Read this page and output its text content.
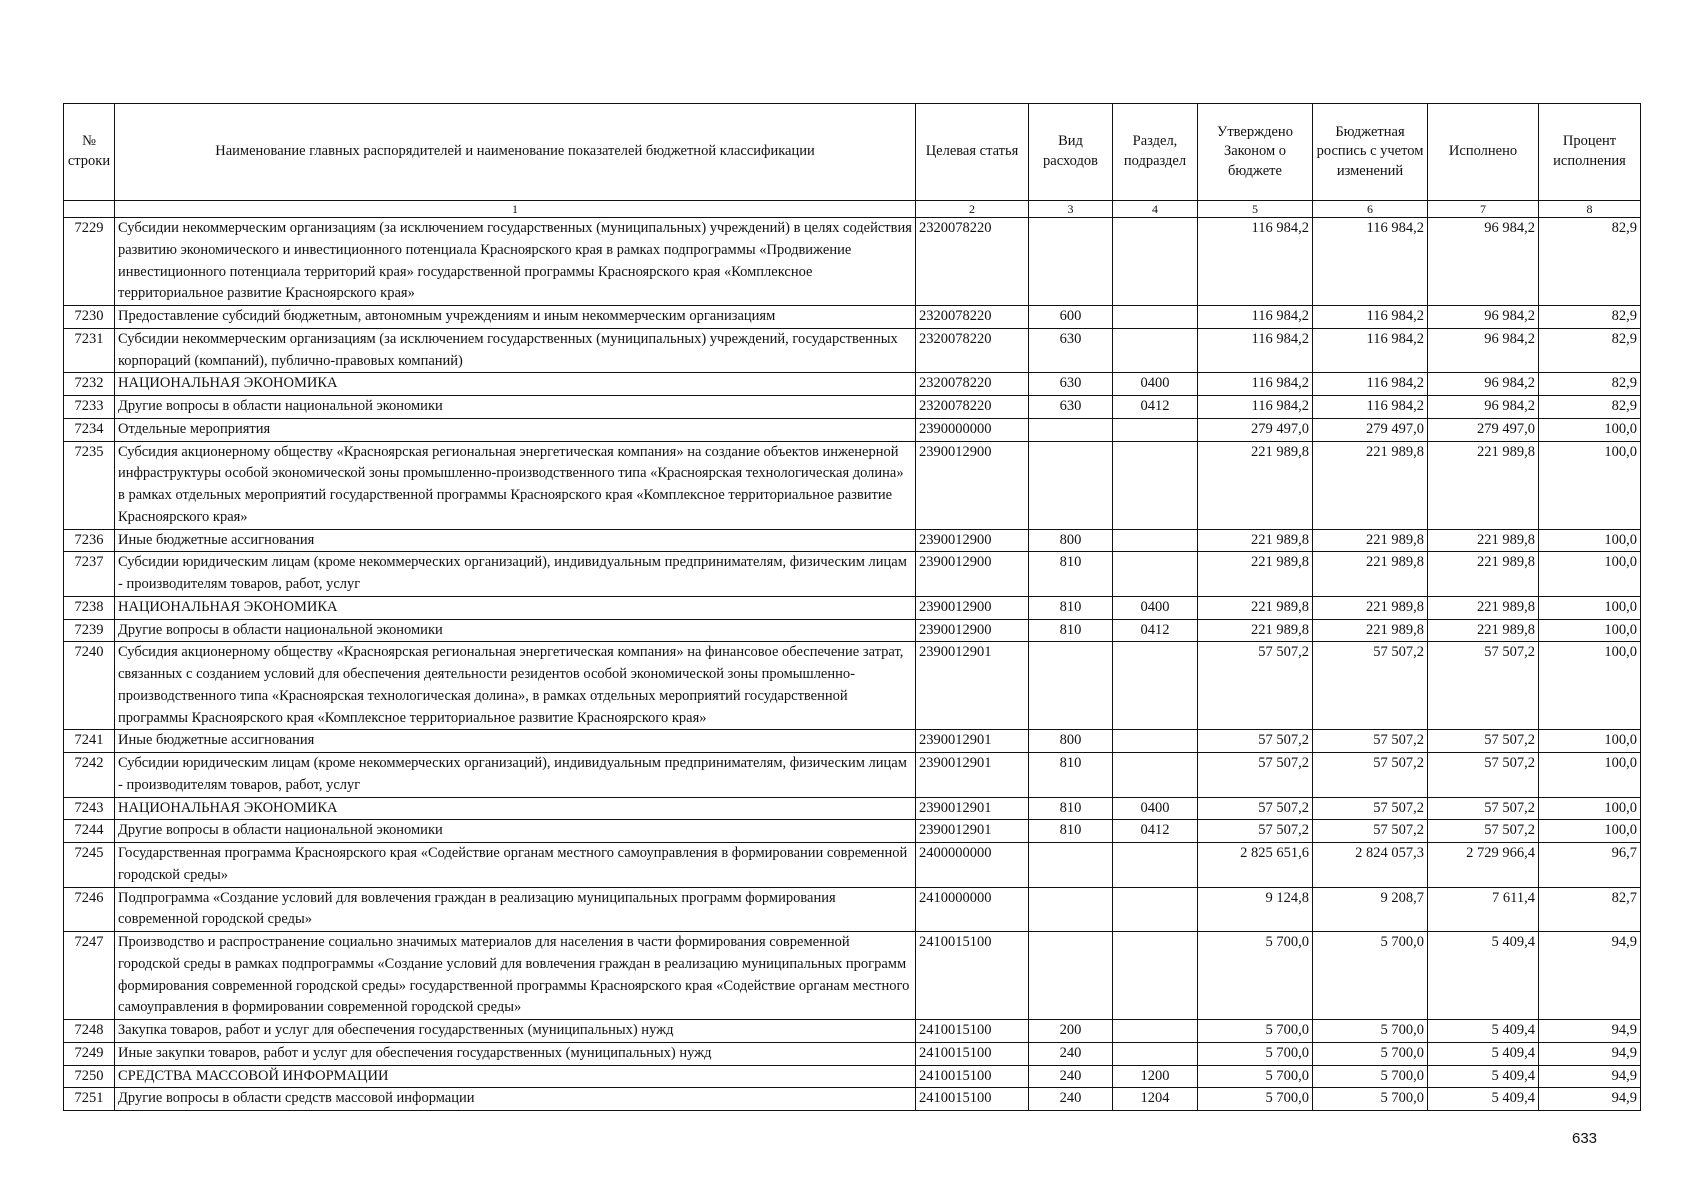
№ строки	Наименование главных распорядителей и наименование показателей бюджетной классификации	Целевая статья	Вид расходов	Раздел, подраздел	Утверждено Законом о бюджете	Бюджетная роспись с учетом изменений	Исполнено	Процент исполнения
	1	2	3	4	5	6	7	8
7229	Субсидии некоммерческим организациям (за исключением государственных (муниципальных) учреждений) в целях содействия развитию экономического и инвестиционного потенциала Красноярского края в рамках подпрограммы «Продвижение инвестиционного потенциала территорий края» государственной программы Красноярского края «Комплексное территориальное развитие Красноярского края»	2320078220			116 984,2	116 984,2	96 984,2	82,9
7230	Предоставление субсидий бюджетным, автономным учреждениям и иным некоммерческим организациям	2320078220	600		116 984,2	116 984,2	96 984,2	82,9
7231	Субсидии некоммерческим организациям (за исключением государственных (муниципальных) учреждений, государственных корпораций (компаний), публично-правовых компаний)	2320078220	630		116 984,2	116 984,2	96 984,2	82,9
7232	НАЦИОНАЛЬНАЯ ЭКОНОМИКА	2320078220	630	0400	116 984,2	116 984,2	96 984,2	82,9
7233	Другие вопросы в области национальной экономики	2320078220	630	0412	116 984,2	116 984,2	96 984,2	82,9
7234	Отдельные мероприятия	2390000000			279 497,0	279 497,0	279 497,0	100,0
7235	Субсидия акционерному обществу «Красноярская региональная энергетическая компания» на создание объектов инженерной инфраструктуры особой экономической зоны промышленно-производственного типа «Красноярская технологическая долина» в рамках отдельных мероприятий государственной программы Красноярского края «Комплексное территориальное развитие Красноярского края»	2390012900			221 989,8	221 989,8	221 989,8	100,0
7236	Иные бюджетные ассигнования	2390012900	800		221 989,8	221 989,8	221 989,8	100,0
7237	Субсидии юридическим лицам (кроме некоммерческих организаций), индивидуальным предпринимателям, физическим лицам - производителям товаров, работ, услуг	2390012900	810		221 989,8	221 989,8	221 989,8	100,0
7238	НАЦИОНАЛЬНАЯ ЭКОНОМИКА	2390012900	810	0400	221 989,8	221 989,8	221 989,8	100,0
7239	Другие вопросы в области национальной экономики	2390012900	810	0412	221 989,8	221 989,8	221 989,8	100,0
7240	Субсидия акционерному обществу «Красноярская региональная энергетическая компания» на финансовое обеспечение затрат, связанных с созданием условий для обеспечения деятельности резидентов особой экономической зоны промышленно-производственного типа «Красноярская технологическая долина», в рамках отдельных мероприятий государственной программы Красноярского края «Комплексное территориальное развитие Красноярского края»	2390012901			57 507,2	57 507,2	57 507,2	100,0
7241	Иные бюджетные ассигнования	2390012901	800		57 507,2	57 507,2	57 507,2	100,0
7242	Субсидии юридическим лицам (кроме некоммерческих организаций), индивидуальным предпринимателям, физическим лицам - производителям товаров, работ, услуг	2390012901	810		57 507,2	57 507,2	57 507,2	100,0
7243	НАЦИОНАЛЬНАЯ ЭКОНОМИКА	2390012901	810	0400	57 507,2	57 507,2	57 507,2	100,0
7244	Другие вопросы в области национальной экономики	2390012901	810	0412	57 507,2	57 507,2	57 507,2	100,0
7245	Государственная программа Красноярского края «Содействие органам местного самоуправления в формировании современной городской среды»	2400000000			2 825 651,6	2 824 057,3	2 729 966,4	96,7
7246	Подпрограмма «Создание условий для вовлечения граждан в реализацию муниципальных программ формирования современной городской среды»	2410000000			9 124,8	9 208,7	7 611,4	82,7
7247	Производство и распространение социально значимых материалов для населения в части формирования современной городской среды в рамках подпрограммы «Создание условий для вовлечения граждан в реализацию муниципальных программ формирования современной городской среды» государственной программы Красноярского края «Содействие органам местного самоуправления в формировании современной городской среды»	2410015100			5 700,0	5 700,0	5 409,4	94,9
7248	Закупка товаров, работ и услуг для обеспечения государственных (муниципальных) нужд	2410015100	200		5 700,0	5 700,0	5 409,4	94,9
7249	Иные закупки товаров, работ и услуг для обеспечения государственных (муниципальных) нужд	2410015100	240		5 700,0	5 700,0	5 409,4	94,9
7250	СРЕДСТВА МАССОВОЙ ИНФОРМАЦИИ	2410015100	240	1200	5 700,0	5 700,0	5 409,4	94,9
7251	Другие вопросы в области средств массовой информации	2410015100	240	1204	5 700,0	5 700,0	5 409,4	94,9
633
